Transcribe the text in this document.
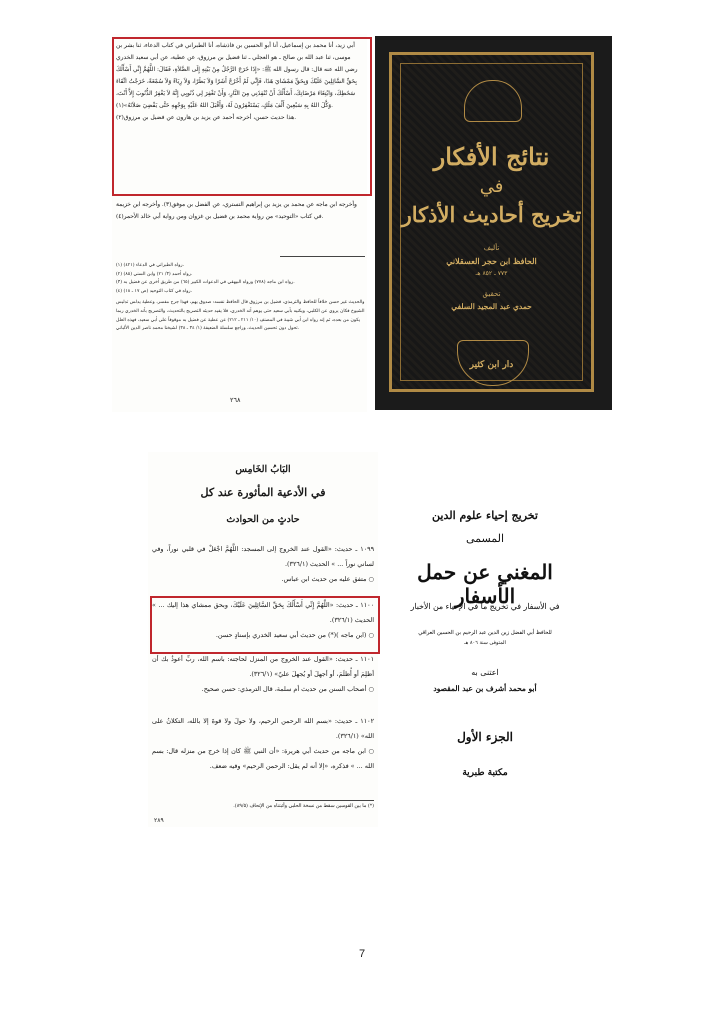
أبي زيد، أنا محمد بن إسماعيل، أنا أبو الحسين بن فاذشاه، أنا الطبراني في كتاب الدعاء، ثنا بشر بن موسى، ثنا عبد الله بن صالح ـ هو العجلي ـ ثنا فضيل بن مرزوق، عن عطية، عن أبي سعيد الخدري رضي الله عنه قال: قال رسول الله ﷺ: «إِذَا خَرَجَ الرَّجُلُ مِنْ بَيْتِهِ إِلَى الصَّلاَةِ، فَقَالَ: اللَّهُمَّ إِنِّي أَسْأَلُكَ بِحَقِّ السَّائِلِينَ عَلَيْكَ وَبِحَقِّ مَمْشَايَ هَذَا، فَإِنِّي لَمْ أَخْرُجْ أَشَرًا وَلاَ بَطَرًا، وَلاَ رِيَاءً وَلاَ سُمْعَةً، خَرَجْتُ اتِّقَاءَ سَخَطِكَ، وَابْتِغَاءَ مَرْضَاتِكَ، أَسْأَلُكَ أَنْ تُنْقِذَنِي مِنَ النَّارِ، وَأَنْ تَغْفِرَ لِي ذُنُوبِي إِنَّهُ لاَ يَغْفِرُ الذُّنُوبَ إِلاَّ أَنْتَ، وَكَّلَ اللهُ بِهِ سَبْعِينَ أَلْفَ مَلَكٍ، يَسْتَغْفِرُونَ لَهُ، وَأَقْبَلَ اللهُ عَلَيْهِ بِوَجْهِهِ حَتَّى يَقْضِيَ صَلاَتَهُ»(١).
هذا حديث حسن، أخرجه أحمد عن يزيد بن هارون عن فضيل بن مرزوق(٢).
وأخرجه ابن ماجه عن محمد بن يزيد بن إبراهيم التستري، عن الفضل بن موفق(٣). وأخرجه ابن خزيمة في كتاب «التوحيد» من رواية محمد بن فضيل بن غزوان ومن رواية أبي خالد الأحمر(٤).
(١) رواه الطبراني في الدعاء (٤٢١).
(٢) رواه أحمد (٣/ ٢١) وابن السني (٨٥).
(٣) رواه ابن ماجه (٧٧٨) ورواه البيهقي في الدعوات الكبير (٦٥) من طريق أخرى عن فضيل به.
(٤) رواه في كتاب التوحيد (ص ١٧ ـ ١٨).
والحديث غير حسن خلافاً للحافظ والترمذي، فضيل بن مرزوق قال الحافظ نفسه: صدوق يهم، فهذا جرح مفسر، وعطية يدلس تدليس الشيوخ فكان يروي عن الكلبي، ويكنيه بأبي سعيد حتى يوهم أنه الخدري، فلا يفيد حديثه التصريح بالتحديث، والتصريح بأنه الخدري ربما يكون من بعده، ثم إنه رواه ابن أبي شيبة في المصنف (١٠/ ٢١١ ـ ٢١٢) عن عطية عن فضيل به موقوفاً على أبي سعيد، فهذه العلل تحول دون تحسين الحديث، وراجع سلسلة الضعيفة (١/ ٣٤ ـ ٣٨) لشيخنا محمد ناصر الدين الألباني.
٢٦٨
نتائج الأفكار
في
تخريج أحاديث الأذكار
تأليف
الحافظ ابن حجر العسقلاني
٧٧٣ ـ ٨٥٢ هـ
تحقيق
حمدي عبد المجيد السلفي
دار ابن كثير
البَابُ الخَامِس
في الأدعية المأثورة عند كل
حادثٍ من الحوادث
١٠٩٩ ـ حديث: «القول عند الخروج إلى المسجد: اللَّهُمَّ اجْعَلْ في قلبي نوراً، وفي لساني نوراً ... » الحديث (٣٢٦/١).
○ متفق عليه من حديث ابن عباس.
١١٠٠ ـ حديث: «اللَّهُمَّ إِنِّي أَسْأَلُكَ بِحَقِّ السَّائِلِينَ عَلَيْكَ، وبحق ممشاي هذا إليك ... » الحديث (٣٢٦/١).
○ (ابن ماجه )(*) من حديث أبي سعيد الخدري بإسنادٍ حسن.
١١٠١ ـ حديث: «القول عند الخروج من المنزل لحاجته: باسم الله، ربِّ أعوذُ بك أن أظلِمَ أو أُظلَمَ، أو أجهلَ أو يُجهلَ عليّ» (٣٢٦/١).
○ أصحاب السنن من حديث أم سلمة، قال الترمذي: حسن صحيح.
١١٠٢ ـ حديث: «بسم الله الرحمن الرحيم، ولا حولَ ولا قوةَ إلا بالله، التكلانُ على الله» (٣٢٦/١).
○ ابن ماجه من حديث أبي هريرة: «أن النبي ﷺ كان إذا خرج من منزله قال: بسم الله ... » فذكره، «إلا أنه لم يقل: الرحمن الرحيم» وفيه ضعف.
(*) ما بين القوسين سقط من نسخة الحلبي وأثبتناه من الإتحاف (٨٩/٥).
٢٨٩
تخريج إحياء علوم الدين
المسمى
المغني عن حمل الأسفار
في الأسفار في تخريج ما في الإحياء من الأخبار
للحافظ أبي الفضل زين الدين عبد الرحيم بن الحسين العراقي
المتوفى سنة ٨٠٦ هـ
اعتنى به
أبو محمد أشرف بن عبد المقصود
الجزء الأول
مكتبة طبرية
7
